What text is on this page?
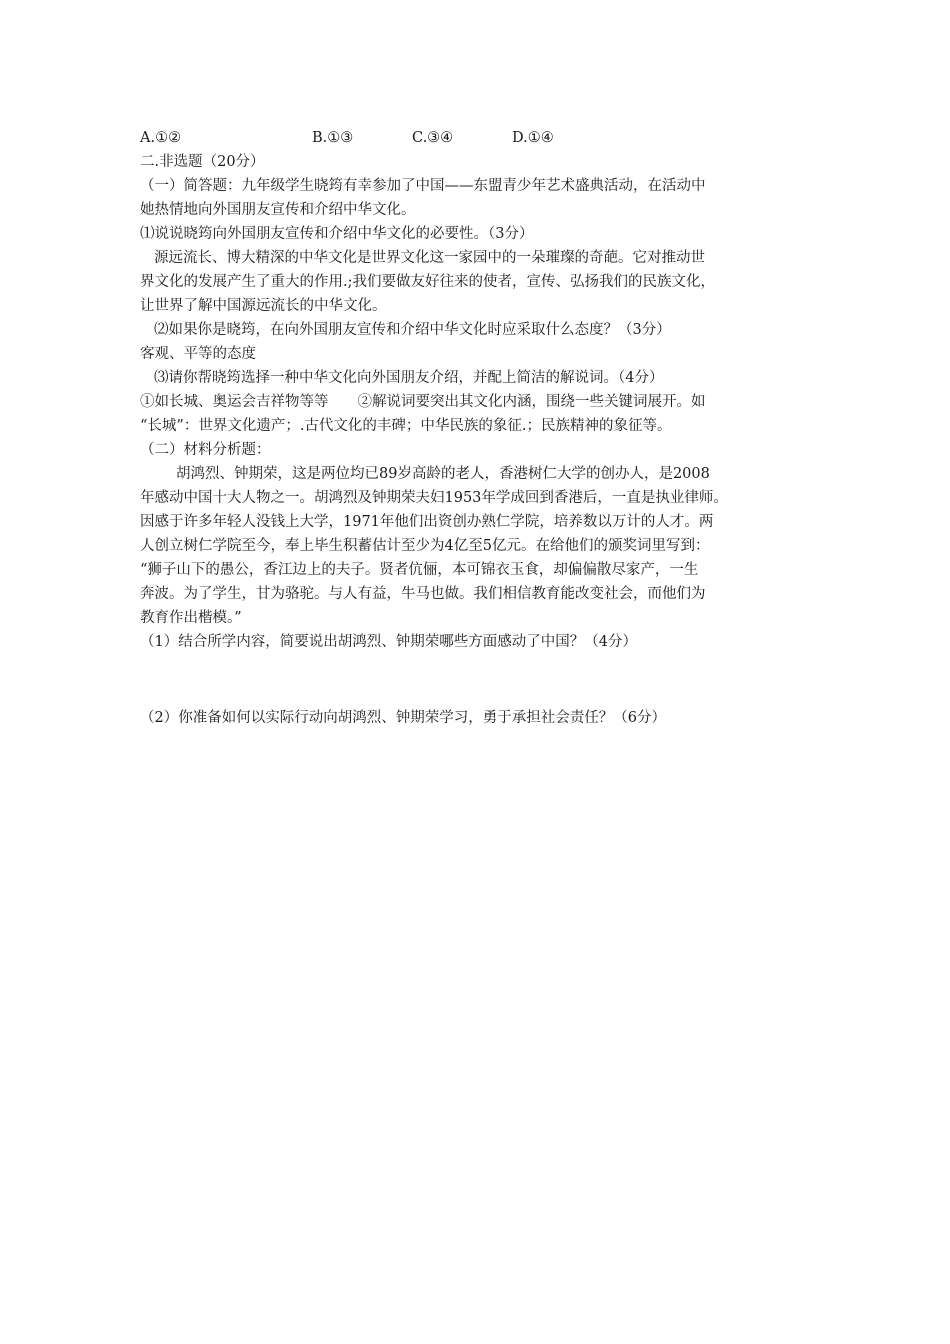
A.①②	B.①③	C.③④	D.①④
二.非选题（20分）
（一）简答题：九年级学生晓筠有幸参加了中国——东盟青少年艺术盛典活动，在活动中
她热情地向外国朋友宣传和介绍中华文化。
⑴说说晓筠向外国朋友宣传和介绍中华文化的必要性。（3分）
源远流长、博大精深的中华文化是世界文化这一家园中的一朵璀璨的奇葩。它对推动世
界文化的发展产生了重大的作用.;我们要做友好往来的使者，宣传、弘扬我们的民族文化，
让世界了解中国源远流长的中华文化。
⑵如果你是晓筠，在向外国朋友宣传和介绍中华文化时应采取什么态度？（3分）
客观、平等的态度
⑶请你帮晓筠选择一种中华文化向外国朋友介绍，并配上简洁的解说词。（4分）
①如长城、奥运会吉祥物等等　　②解说词要突出其文化内涵，围绕一些关键词展开。如
“长城”：世界文化遗产；.古代文化的丰碑；中华民族的象征.；民族精神的象征等。
（二）材料分析题：
胡鸿烈、钟期荣，这是两位均已89岁高龄的老人，香港树仁大学的创办人，是2008
年感动中国十大人物之一。胡鸿烈及钟期荣夫妇1953年学成回到香港后，一直是执业律师。
因感于许多年轻人没钱上大学，1971年他们出资创办熟仁学院，培养数以万计的人才。两
人创立树仁学院至今，奉上毕生积蓄估计至少为4亿至5亿元。在给他们的颁奖词里写到：
“狮子山下的愚公，香江边上的夫子。贤者伉俪，本可锦衣玉食，却偏偏散尽家产，一生
奔波。为了学生，甘为骆驼。与人有益，牛马也做。我们相信教育能改变社会，而他们为
教育作出楷模。”
（1）结合所学内容，简要说出胡鸿烈、钟期荣哪些方面感动了中国？（4分）
（2）你准备如何以实际行动向胡鸿烈、钟期荣学习，勇于承担社会责任？（6分）
